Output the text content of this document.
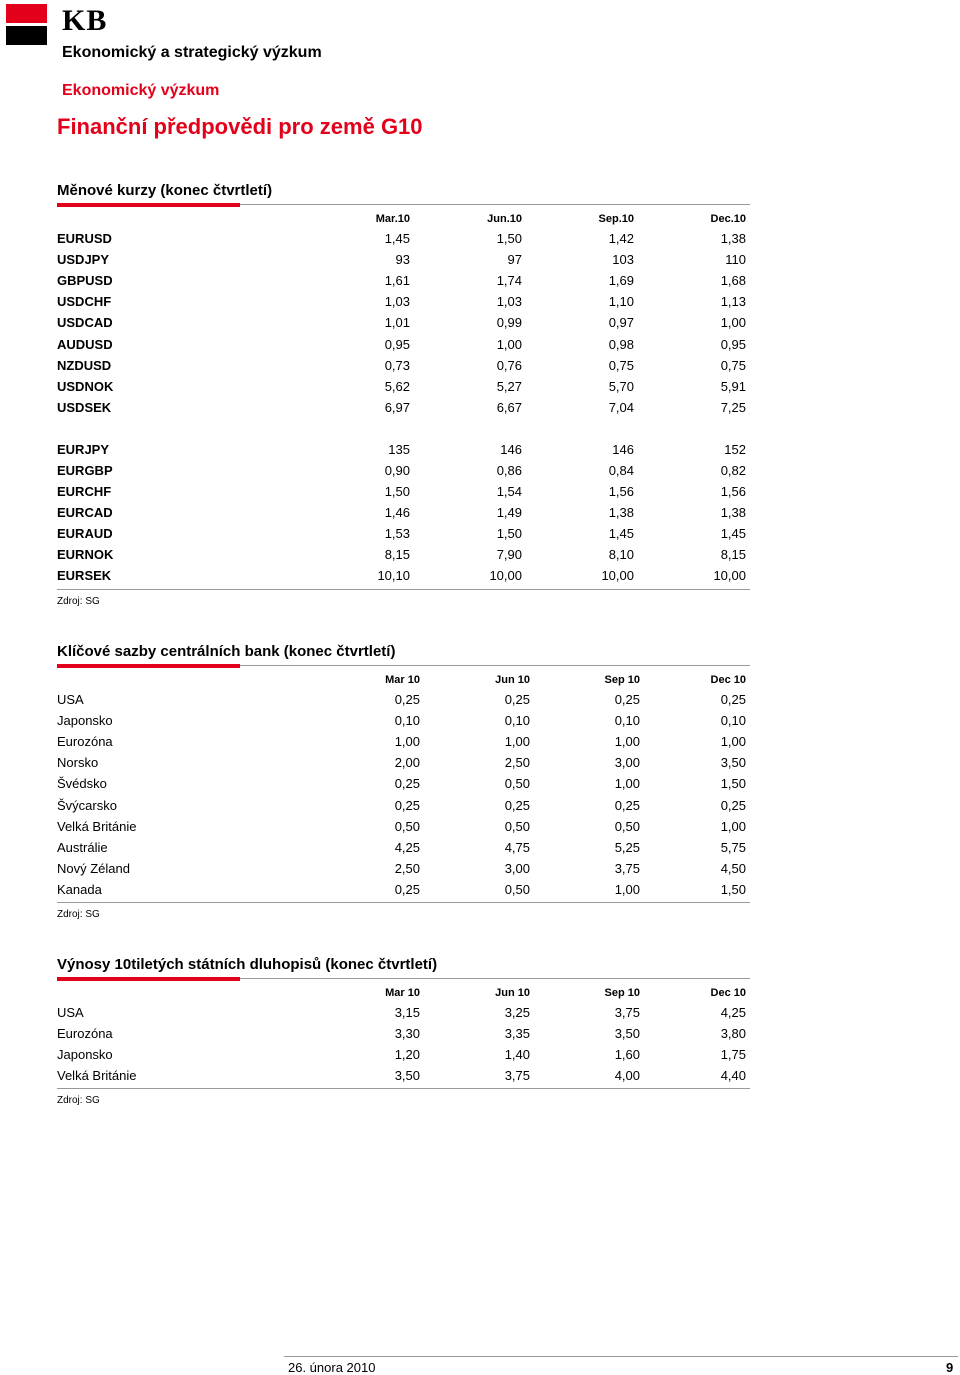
KB
Ekonomický a strategický výzkum
Ekonomický výzkum
Finanční předpovědi pro země G10
Měnové kurzy (konec čtvrtletí)
	Mar.10	Jun.10	Sep.10	Dec.10
EURUSD	1,45	1,50	1,42	1,38
USDJPY	93	97	103	110
GBPUSD	1,61	1,74	1,69	1,68
USDCHF	1,03	1,03	1,10	1,13
USDCAD	1,01	0,99	0,97	1,00
AUDUSD	0,95	1,00	0,98	0,95
NZDUSD	0,73	0,76	0,75	0,75
USDNOK	5,62	5,27	5,70	5,91
USDSEK	6,97	6,67	7,04	7,25

EURJPY	135	146	146	152
EURGBP	0,90	0,86	0,84	0,82
EURCHF	1,50	1,54	1,56	1,56
EURCAD	1,46	1,49	1,38	1,38
EURAUD	1,53	1,50	1,45	1,45
EURNOK	8,15	7,90	8,10	8,15
EURSEK	10,10	10,00	10,00	10,00
Zdroj: SG
Klíčové sazby centrálních bank (konec čtvrtletí)
	Mar 10	Jun 10	Sep 10	Dec 10
USA	0,25	0,25	0,25	0,25
Japonsko	0,10	0,10	0,10	0,10
Eurozóna	1,00	1,00	1,00	1,00
Norsko	2,00	2,50	3,00	3,50
Švédsko	0,25	0,50	1,00	1,50
Švýcarsko	0,25	0,25	0,25	0,25
Velká Británie	0,50	0,50	0,50	1,00
Austrálie	4,25	4,75	5,25	5,75
Nový Zéland	2,50	3,00	3,75	4,50
Kanada	0,25	0,50	1,00	1,50
Zdroj: SG
Výnosy 10tiletých státních dluhopisů (konec čtvrtletí)
	Mar 10	Jun 10	Sep 10	Dec 10
USA	3,15	3,25	3,75	4,25
Eurozóna	3,30	3,35	3,50	3,80
Japonsko	1,20	1,40	1,60	1,75
Velká Británie	3,50	3,75	4,00	4,40
Zdroj: SG
26. února 2010	9
